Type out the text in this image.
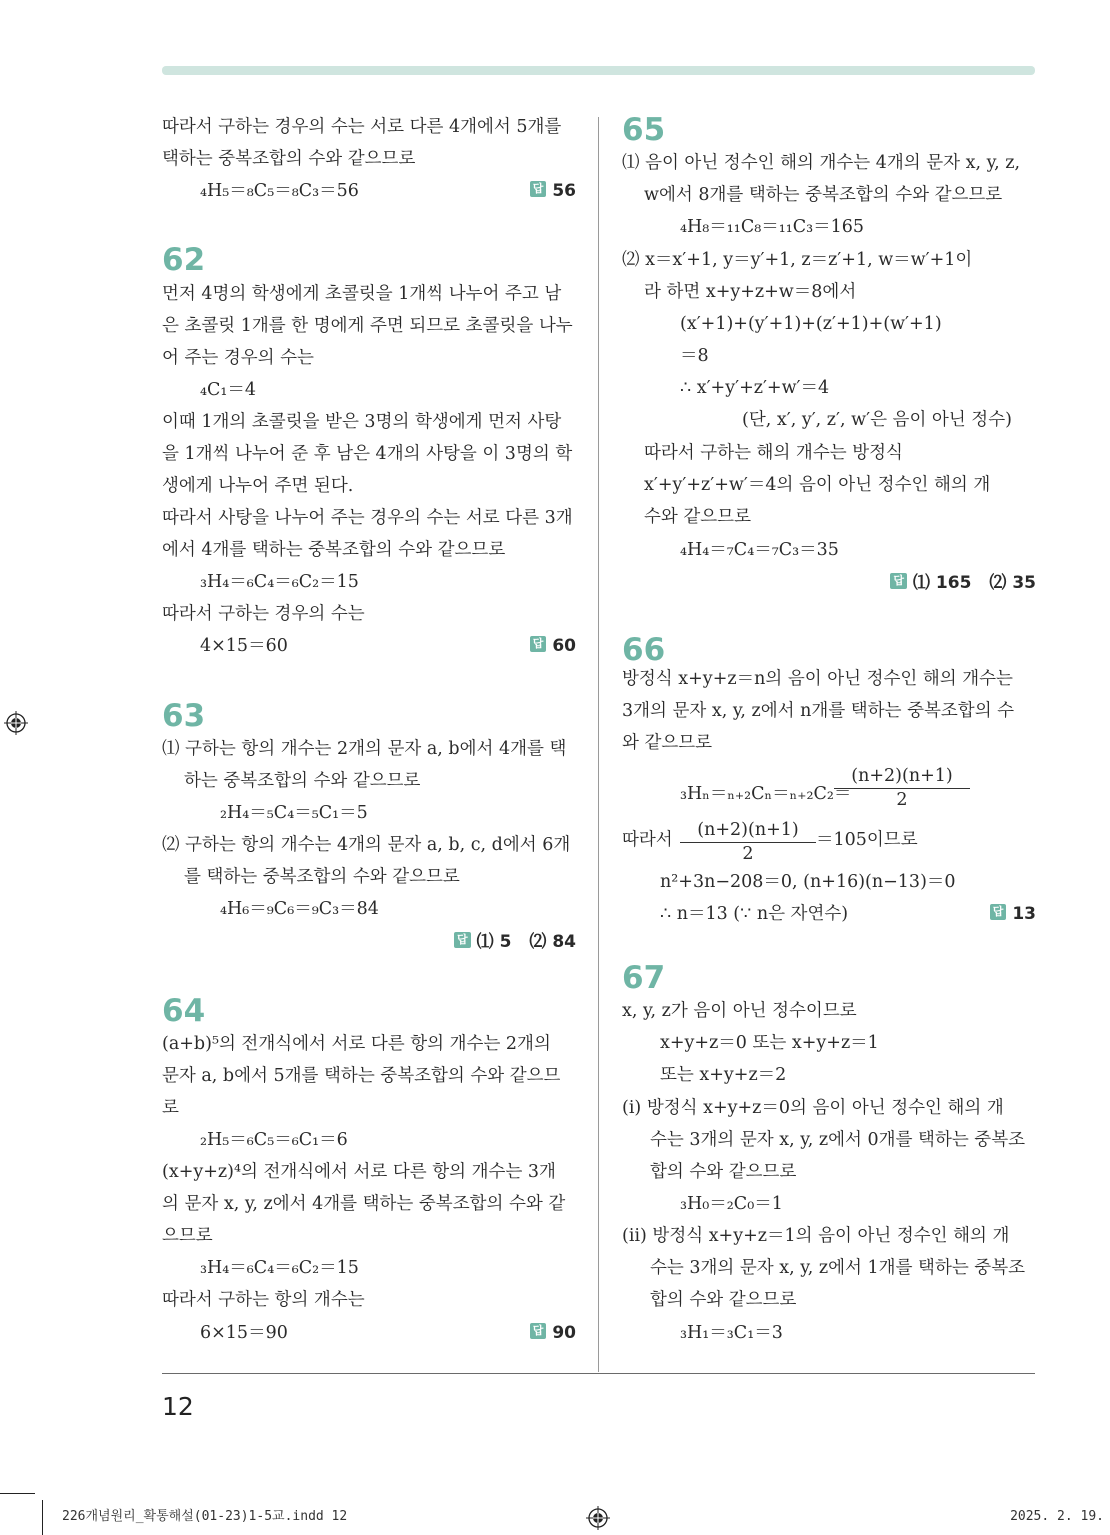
따라서 구하는 경우의 수는 서로 다른 4개에서 5개를
택하는 중복조합의 수와 같으므로
₄H₅＝₈C₅＝₈C₃＝56	답 56
62
먼저 4명의 학생에게 초콜릿을 1개씩 나누어 주고 남
은 초콜릿 1개를 한 명에게 주면 되므로 초콜릿을 나누
어 주는 경우의 수는
₄C₁＝4
이때 1개의 초콜릿을 받은 3명의 학생에게 먼저 사탕
을 1개씩 나누어 준 후 남은 4개의 사탕을 이 3명의 학
생에게 나누어 주면 된다.
따라서 사탕을 나누어 주는 경우의 수는 서로 다른 3개
에서 4개를 택하는 중복조합의 수와 같으므로
₃H₄＝₆C₄＝₆C₂＝15
따라서 구하는 경우의 수는
4×15＝60	답 60
63
⑴ 구하는 항의 개수는 2개의 문자 a, b에서 4개를 택
하는 중복조합의 수와 같으므로
₂H₄＝₅C₄＝₅C₁＝5
⑵ 구하는 항의 개수는 4개의 문자 a, b, c, d에서 6개
를 택하는 중복조합의 수와 같으므로
₄H₆＝₉C₆＝₉C₃＝84
답 ⑴ 5 ⑵ 84
64
(a+b)⁵의 전개식에서 서로 다른 항의 개수는 2개의
문자 a, b에서 5개를 택하는 중복조합의 수와 같으므
로
₂H₅＝₆C₅＝₆C₁＝6
(x+y+z)⁴의 전개식에서 서로 다른 항의 개수는 3개
의 문자 x, y, z에서 4개를 택하는 중복조합의 수와 같
으므로
₃H₄＝₆C₄＝₆C₂＝15
따라서 구하는 항의 개수는
6×15＝90	답 90
65
⑴ 음이 아닌 정수인 해의 개수는 4개의 문자 x, y, z,
w에서 8개를 택하는 중복조합의 수와 같으므로
₄H₈＝₁₁C₈＝₁₁C₃＝165
⑵ x＝x′+1, y＝y′+1, z＝z′+1, w＝w′+1이
라 하면 x+y+z+w＝8에서
(x′+1)+(y′+1)+(z′+1)+(w′+1)
＝8
∴ x′+y′+z′+w′＝4
(단, x′, y′, z′, w′은 음이 아닌 정수)
따라서 구하는 해의 개수는 방정식
x′+y′+z′+w′＝4의 음이 아닌 정수인 해의 개
수와 같으므로
₄H₄＝₇C₄＝₇C₃＝35
답 ⑴ 165 ⑵ 35
66
방정식 x+y+z＝n의 음이 아닌 정수인 해의 개수는
3개의 문자 x, y, z에서 n개를 택하는 중복조합의 수
와 같으므로
₃Hₙ＝ₙ₊₂Cₙ＝ₙ₊₂C₂＝
(n+2)(n+1)
2
따라서	(n+2)(n+1)
2
＝105이므로
n²+3n−208＝0, (n+16)(n−13)＝0
∴ n＝13 (∵ n은 자연수)	답 13
67
x, y, z가 음이 아닌 정수이므로
x+y+z＝0 또는 x+y+z＝1
또는 x+y+z＝2
(ⅰ) 방정식 x+y+z＝0의 음이 아닌 정수인 해의 개
수는 3개의 문자 x, y, z에서 0개를 택하는 중복조
합의 수와 같으므로
₃H₀＝₂C₀＝1
(ⅱ) 방정식 x+y+z＝1의 음이 아닌 정수인 해의 개
수는 3개의 문자 x, y, z에서 1개를 택하는 중복조
합의 수와 같으므로
₃H₁＝₃C₁＝3
12
226개념원리_확통해설(01-23)1-5교.indd 12	2025. 2. 19.
